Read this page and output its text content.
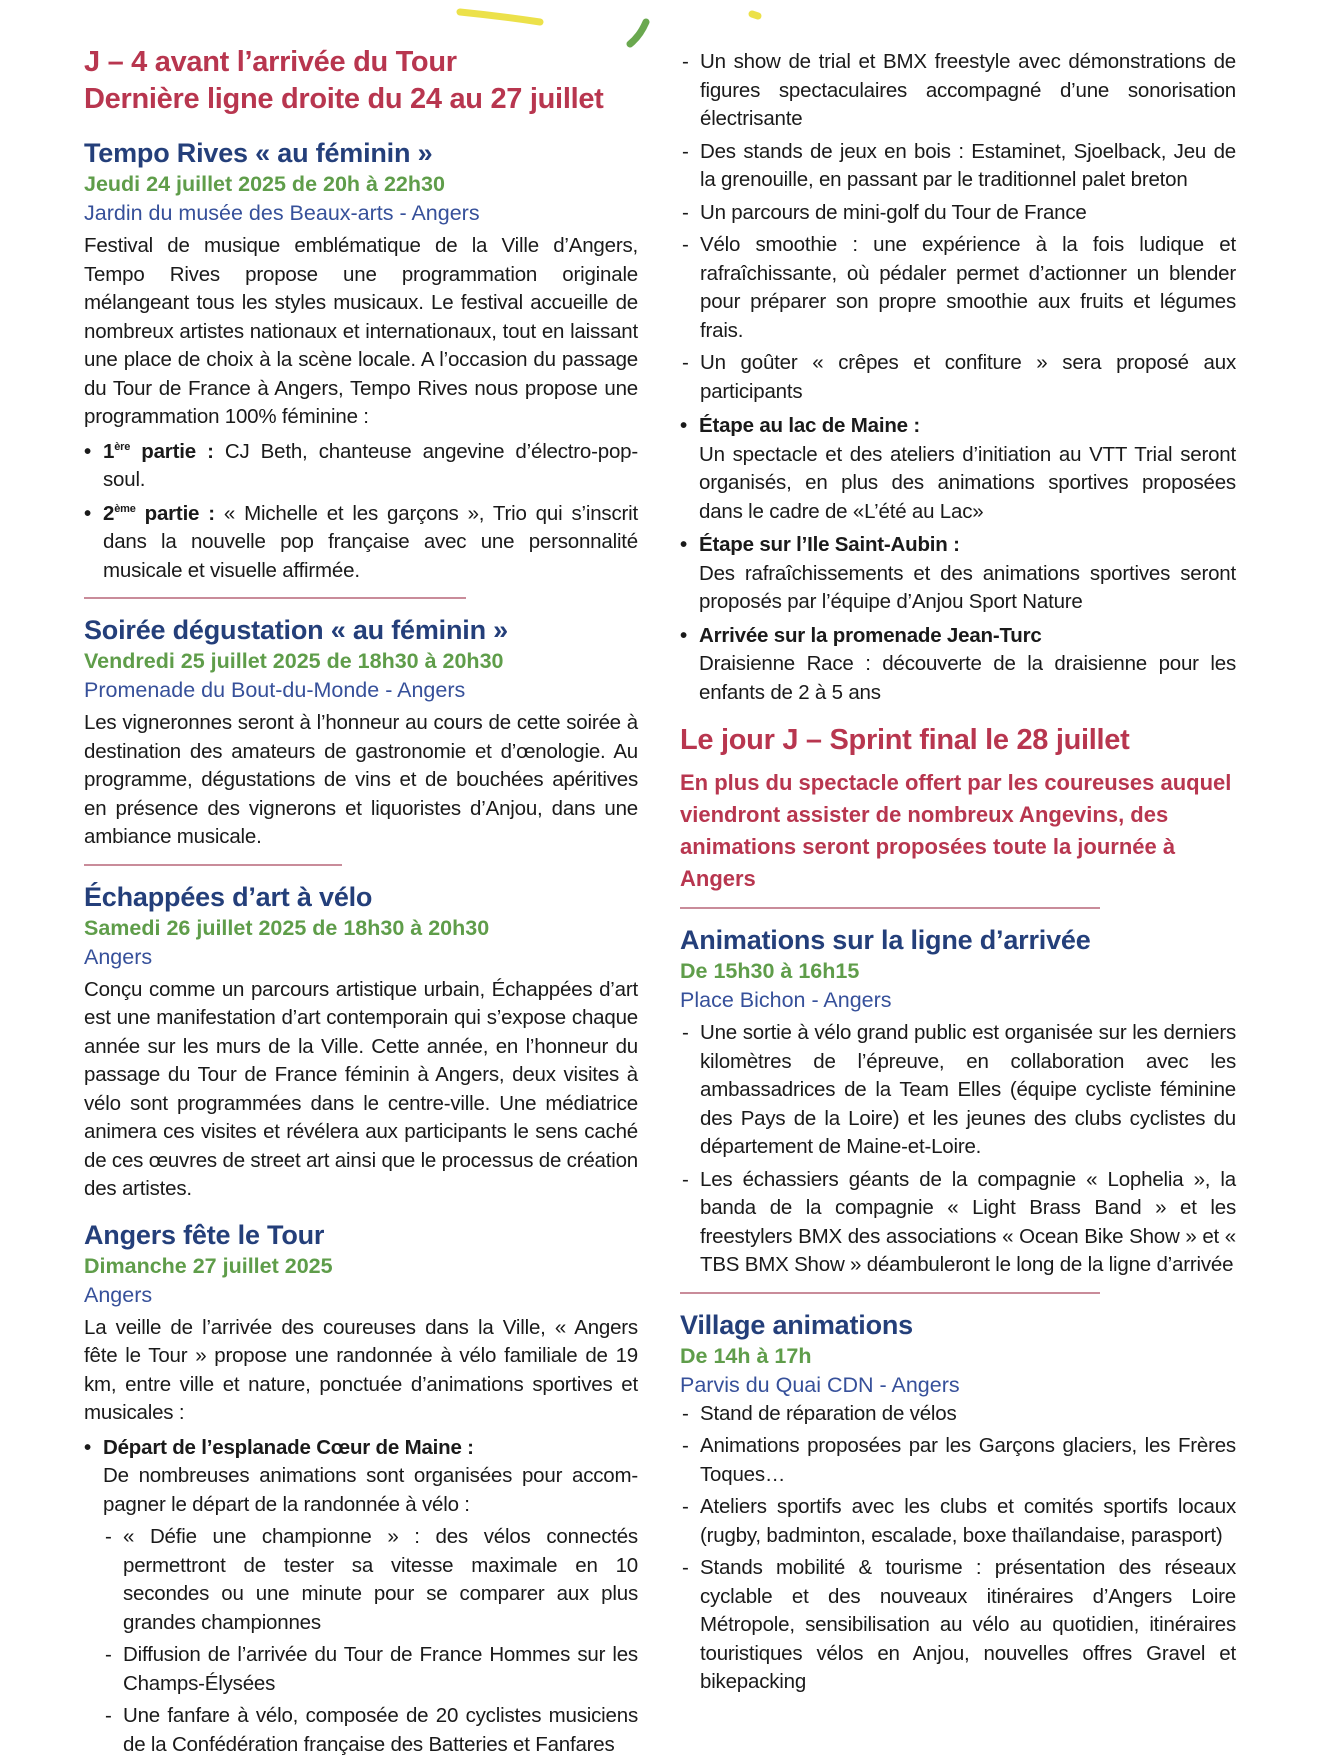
J – 4 avant l’arrivée du Tour
Dernière ligne droite du 24 au 27 juillet
Tempo Rives « au féminin »
Jeudi 24 juillet 2025 de 20h à 22h30
Jardin du musée des Beaux-arts - Angers
Festival de musique emblématique de la Ville d’Angers, Tempo Rives propose une programmation originale mélangeant tous les styles musicaux. Le festival accueille de nombreux artistes nationaux et internationaux, tout en laissant une place de choix à la scène locale. A l’occasion du passage du Tour de France à Angers, Tempo Rives nous propose une programmation 100% féminine :
• 1ère partie : CJ Beth, chanteuse angevine d’électro-pop-soul.
• 2ème partie : « Michelle et les garçons », Trio qui s’inscrit dans la nouvelle pop française avec une personnalité musicale et visuelle affirmée.
Soirée dégustation « au féminin »
Vendredi 25 juillet 2025 de 18h30 à 20h30
Promenade du Bout-du-Monde - Angers
Les vigneronnes seront à l’honneur au cours de cette soirée à destination des amateurs de gastronomie et d’œnologie. Au programme, dégustations de vins et de bouchées apéritives en présence des vignerons et liquoristes d’Anjou, dans une ambiance musicale.
Échappées d’art à vélo
Samedi 26 juillet 2025 de 18h30 à 20h30
Angers
Conçu comme un parcours artistique urbain, Échappées d’art est une manifestation d’art contemporain qui s’expose chaque année sur les murs de la Ville. Cette année, en l’honneur du passage du Tour de France féminin à Angers, deux visites à vélo sont programmées dans le centre-ville. Une médiatrice animera ces visites et révélera aux participants le sens caché de ces œuvres de street art ainsi que le processus de création des artistes.
Angers fête le Tour
Dimanche 27 juillet 2025
Angers
La veille de l’arrivée des coureuses dans la Ville, « Angers fête le Tour » propose une randonnée à vélo familiale de 19 km, entre ville et nature, ponctuée d’animations sportives et musicales :
• Départ de l’esplanade Cœur de Maine :
De nombreuses animations sont organisées pour accom-pagner le départ de la randonnée à vélo :
- « Défie une championne » : des vélos connectés permettront de tester sa vitesse maximale en 10 secondes ou une minute pour se comparer aux plus grandes championnes
- Diffusion de l’arrivée du Tour de France Hommes sur les Champs-Élysées
- Une fanfare à vélo, composée de 20 cyclistes musiciens de la Confédération française des Batteries et Fanfares
- Un show de trial et BMX freestyle avec démonstrations de figures spectaculaires accompagné d’une sonorisation électrisante
- Des stands de jeux en bois : Estaminet, Sjoelback, Jeu de la grenouille, en passant par le traditionnel palet breton
- Un parcours de mini-golf du Tour de France
- Vélo smoothie : une expérience à la fois ludique et rafraîchissante, où pédaler permet d’actionner un blender pour préparer son propre smoothie aux fruits et légumes frais.
- Un goûter « crêpes et confiture » sera proposé aux participants
• Étape au lac de Maine :
Un spectacle et des ateliers d’initiation au VTT Trial seront organisés, en plus des animations sportives proposées dans le cadre de «L’été au Lac»
• Étape sur l’Ile Saint-Aubin :
Des rafraîchissements et des animations sportives seront proposés par l’équipe d’Anjou Sport Nature
• Arrivée sur la promenade Jean-Turc
Draisienne Race : découverte de la draisienne pour les enfants de 2 à 5 ans
Le jour J – Sprint final le 28 juillet
En plus du spectacle offert par les coureuses auquel viendront assister de nombreux Angevins, des animations seront proposées toute la journée à Angers
Animations sur la ligne d’arrivée
De 15h30 à 16h15
Place Bichon - Angers
- Une sortie à vélo grand public est organisée sur les derniers kilomètres de l’épreuve, en collaboration avec les ambassadrices de la Team Elles (équipe cycliste féminine des Pays de la Loire) et les jeunes des clubs cyclistes du département de Maine-et-Loire.
- Les échassiers géants de la compagnie « Lophelia », la banda de la compagnie « Light Brass Band » et les freestylers BMX des associations « Ocean Bike Show » et « TBS BMX Show » déambuleront le long de la ligne d’arrivée
Village animations
De 14h à 17h
Parvis du Quai CDN - Angers
- Stand de réparation de vélos
- Animations proposées par les Garçons glaciers, les Frères Toques…
- Ateliers sportifs avec les clubs et comités sportifs locaux (rugby, badminton, escalade, boxe thaïlandaise, parasport)
- Stands mobilité & tourisme : présentation des réseaux cyclable et des nouveaux itinéraires d’Angers Loire Métropole, sensibilisation au vélo au quotidien, itinéraires touristiques vélos en Anjou, nouvelles offres Gravel et bikepacking
